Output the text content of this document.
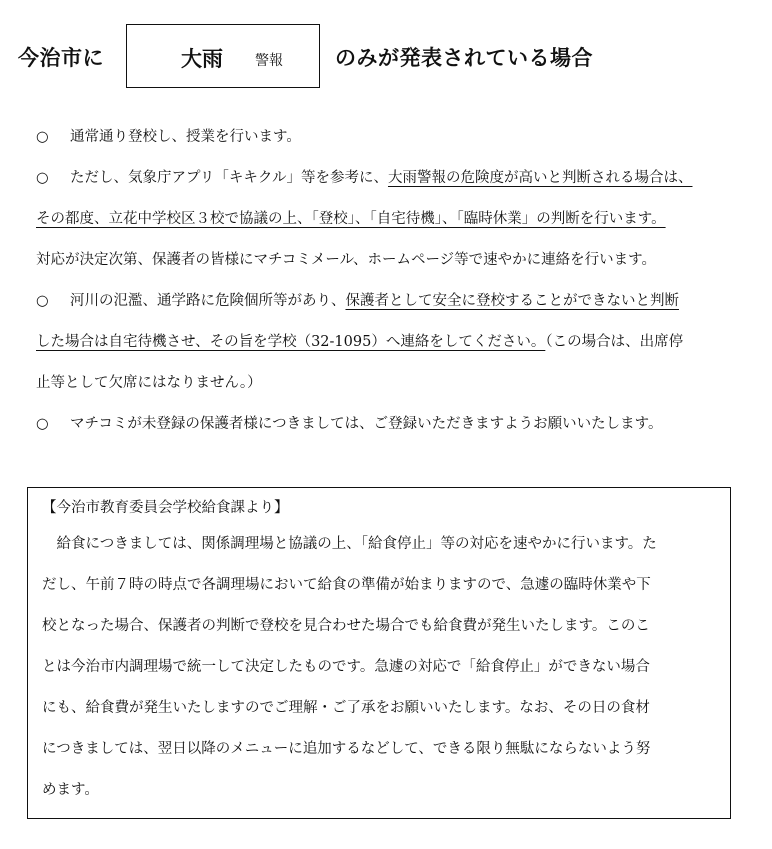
今治市に	大雨 警報 のみが発表されている場合
○ 通常通り登校し、授業を行います。
○ ただし、気象庁アプリ「キキクル」等を参考に、大雨警報の危険度が高いと判断される場合は、
その都度、立花中学校区３校で協議の上、「登校」、「自宅待機」、「臨時休業」の判断を行います。
対応が決定次第、保護者の皆様にマチコミメール、ホームページ等で速やかに連絡を行います。
○ 河川の氾濫、通学路に危険個所等があり、保護者として安全に登校することができないと判断
した場合は自宅待機させ、その旨を学校（32-1095）へ連絡をしてください。（この場合は、出席停
止等として欠席にはなりません。）
○ マチコミが未登録の保護者様につきましては、ご登録いただきますようお願いいたします。
【今治市教育委員会学校給食課より】
　給食につきましては、関係調理場と協議の上、「給食停止」等の対応を速やかに行います。た
だし、午前７時の時点で各調理場において給食の準備が始まりますので、急遽の臨時休業や下
校となった場合、保護者の判断で登校を見合わせた場合でも給食費が発生いたします。このこ
とは今治市内調理場で統一して決定したものです。急遽の対応で「給食停止」ができない場合
にも、給食費が発生いたしますのでご理解・ご了承をお願いいたします。なお、その日の食材
につきましては、翌日以降のメニューに追加するなどして、できる限り無駄にならないよう努
めます。
